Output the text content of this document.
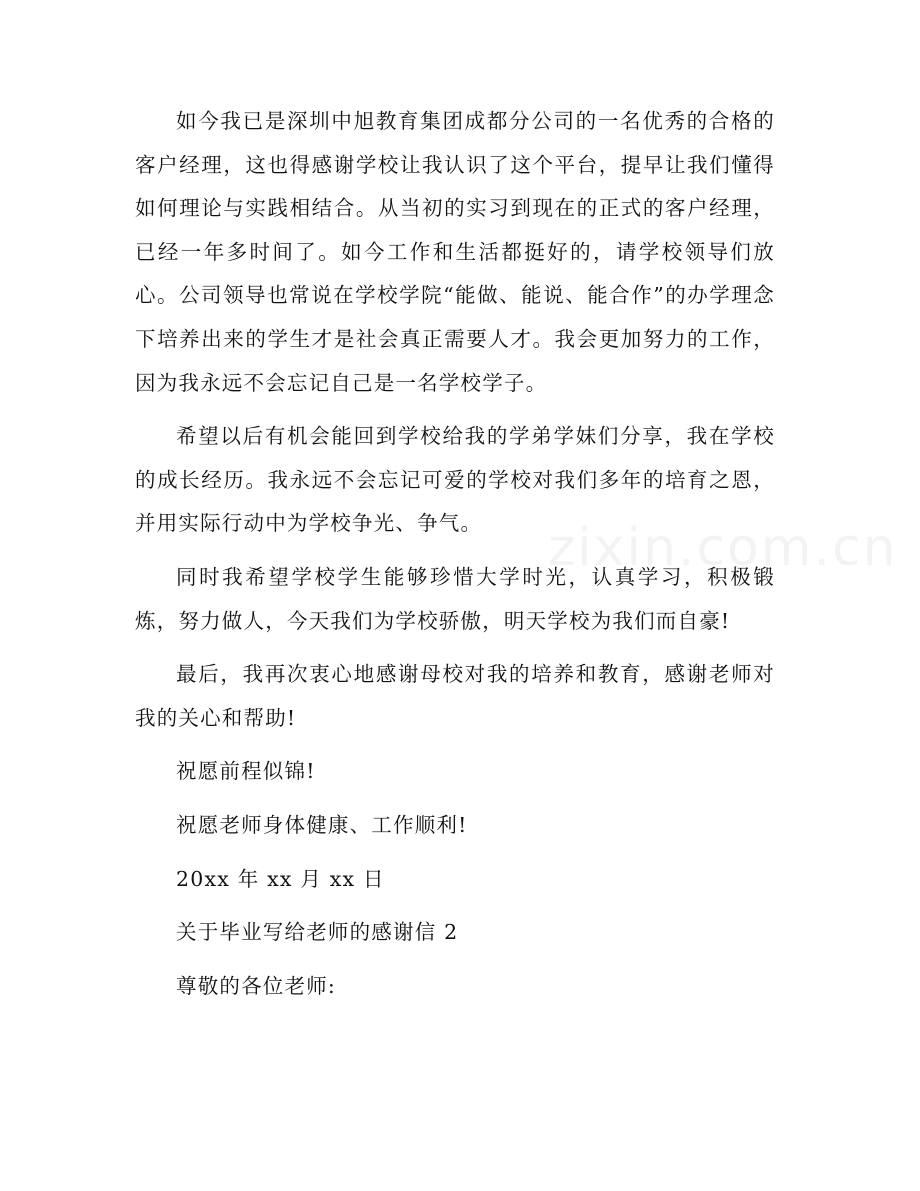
如今我已是深圳中旭教育集团成都分公司的一名优秀的合格的客户经理，这也得感谢学校让我认识了这个平台，提早让我们懂得如何理论与实践相结合。从当初的实习到现在的正式的客户经理，已经一年多时间了。如今工作和生活都挺好的，请学校领导们放心。公司领导也常说在学校学院“能做、能说、能合作”的办学理念下培养出来的学生才是社会真正需要人才。我会更加努力的工作，因为我永远不会忘记自己是一名学校学子。

希望以后有机会能回到学校给我的学弟学妹们分享，我在学校的成长经历。我永远不会忘记可爱的学校对我们多年的培育之恩，并用实际行动中为学校争光、争气。

同时我希望学校学生能够珍惜大学时光，认真学习，积极锻炼，努力做人，今天我们为学校骄傲，明天学校为我们而自豪!

最后，我再次衷心地感谢母校对我的培养和教育，感谢老师对我的关心和帮助!

祝愿前程似锦!

祝愿老师身体健康、工作顺利!

20xx 年 xx 月 xx 日

关于毕业写给老师的感谢信 2

尊敬的各位老师:
